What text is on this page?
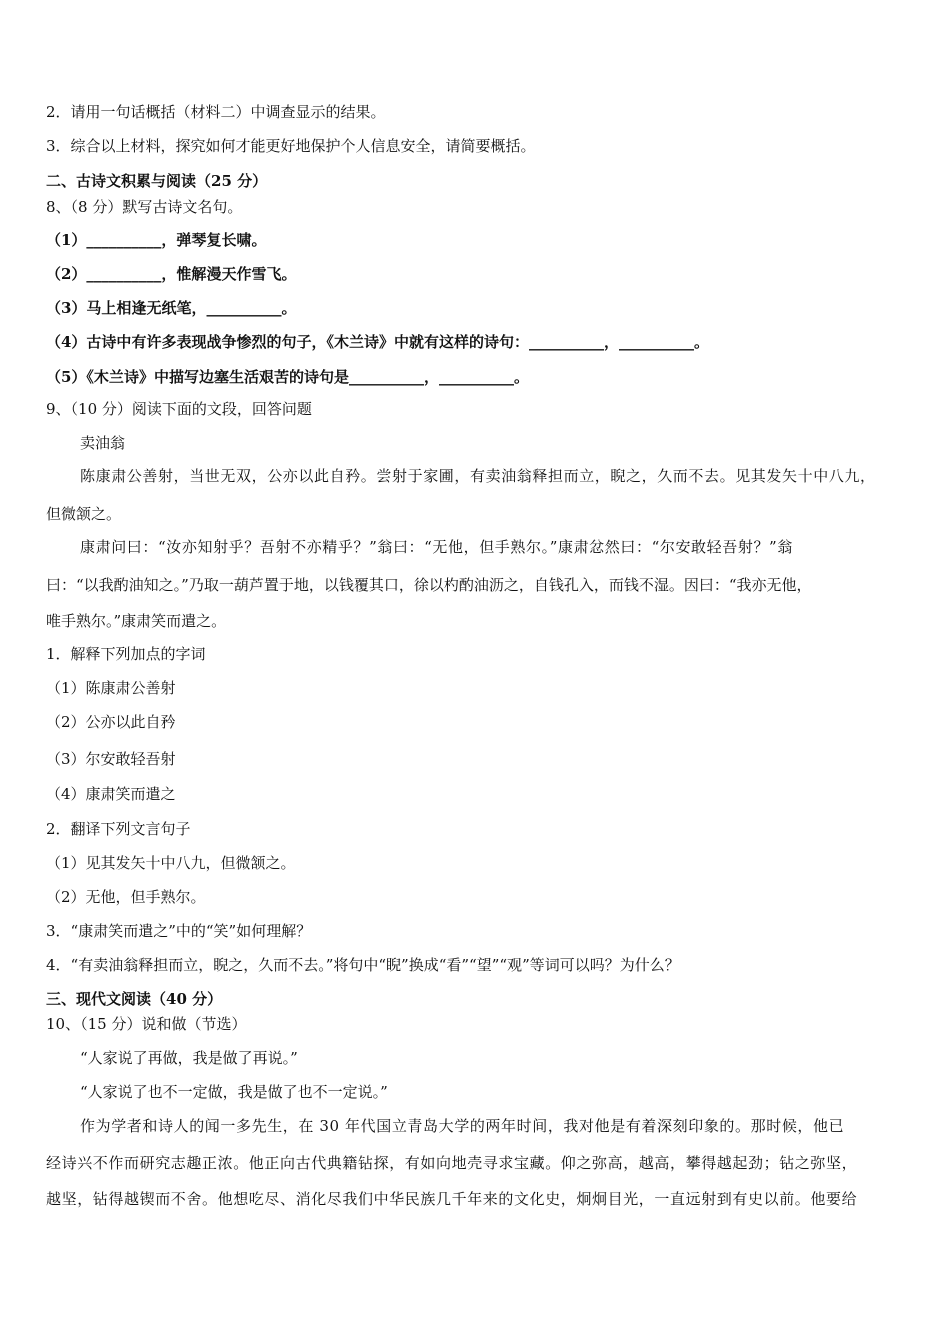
2．请用一句话概括（材料二）中调查显示的结果。
3．综合以上材料，探究如何才能更好地保护个人信息安全，请简要概括。
二、古诗文积累与阅读（25 分）
8、（8 分）默写古诗文名句。
（1）__________，弹琴复长啸。
（2）__________，惟解漫天作雪飞。
（3）马上相逢无纸笔，__________。
（4）古诗中有许多表现战争惨烈的句子，《木兰诗》中就有这样的诗句：__________，__________。
（5）《木兰诗》中描写边塞生活艰苦的诗句是__________，__________。
9、（10 分）阅读下面的文段，回答问题
卖油翁
陈康肃公善射，当世无双，公亦以此自矜。尝射于家圃，有卖油翁释担而立，睨之，久而不去。见其发矢十中八九，
但微颔之。
康肃问曰：“汝亦知射乎？吾射不亦精乎？”翁曰：“无他，但手熟尔。”康肃忿然曰：“尔安敢轻吾射？”翁
曰：“以我酌油知之。”乃取一葫芦置于地，以钱覆其口，徐以杓酌油沥之，自钱孔入，而钱不湿。因曰：“我亦无他，
唯手熟尔。”康肃笑而遣之。
1．解释下列加点的字词
（1）陈康肃公善射
（2）公亦以此自矜
（3）尔安敢轻吾射
（4）康肃笑而遣之
2．翻译下列文言句子
（1）见其发矢十中八九，但微颔之。
（2）无他，但手熟尔。
3．“康肃笑而遣之”中的“笑”如何理解？
4．“有卖油翁释担而立，睨之，久而不去。”将句中“睨”换成“看”“望”“观”等词可以吗？为什么？
三、现代文阅读（40 分）
10、（15 分）说和做（节选）
“人家说了再做，我是做了再说。”
“人家说了也不一定做，我是做了也不一定说。”
作为学者和诗人的闻一多先生，在 30 年代国立青岛大学的两年时间，我对他是有着深刻印象的。那时候，他已
经诗兴不作而研究志趣正浓。他正向古代典籍钻探，有如向地壳寻求宝藏。仰之弥高，越高，攀得越起劲；钻之弥坚，
越坚，钻得越锲而不舍。他想吃尽、消化尽我们中华民族几千年来的文化史，炯炯目光，一直远射到有史以前。他要给
